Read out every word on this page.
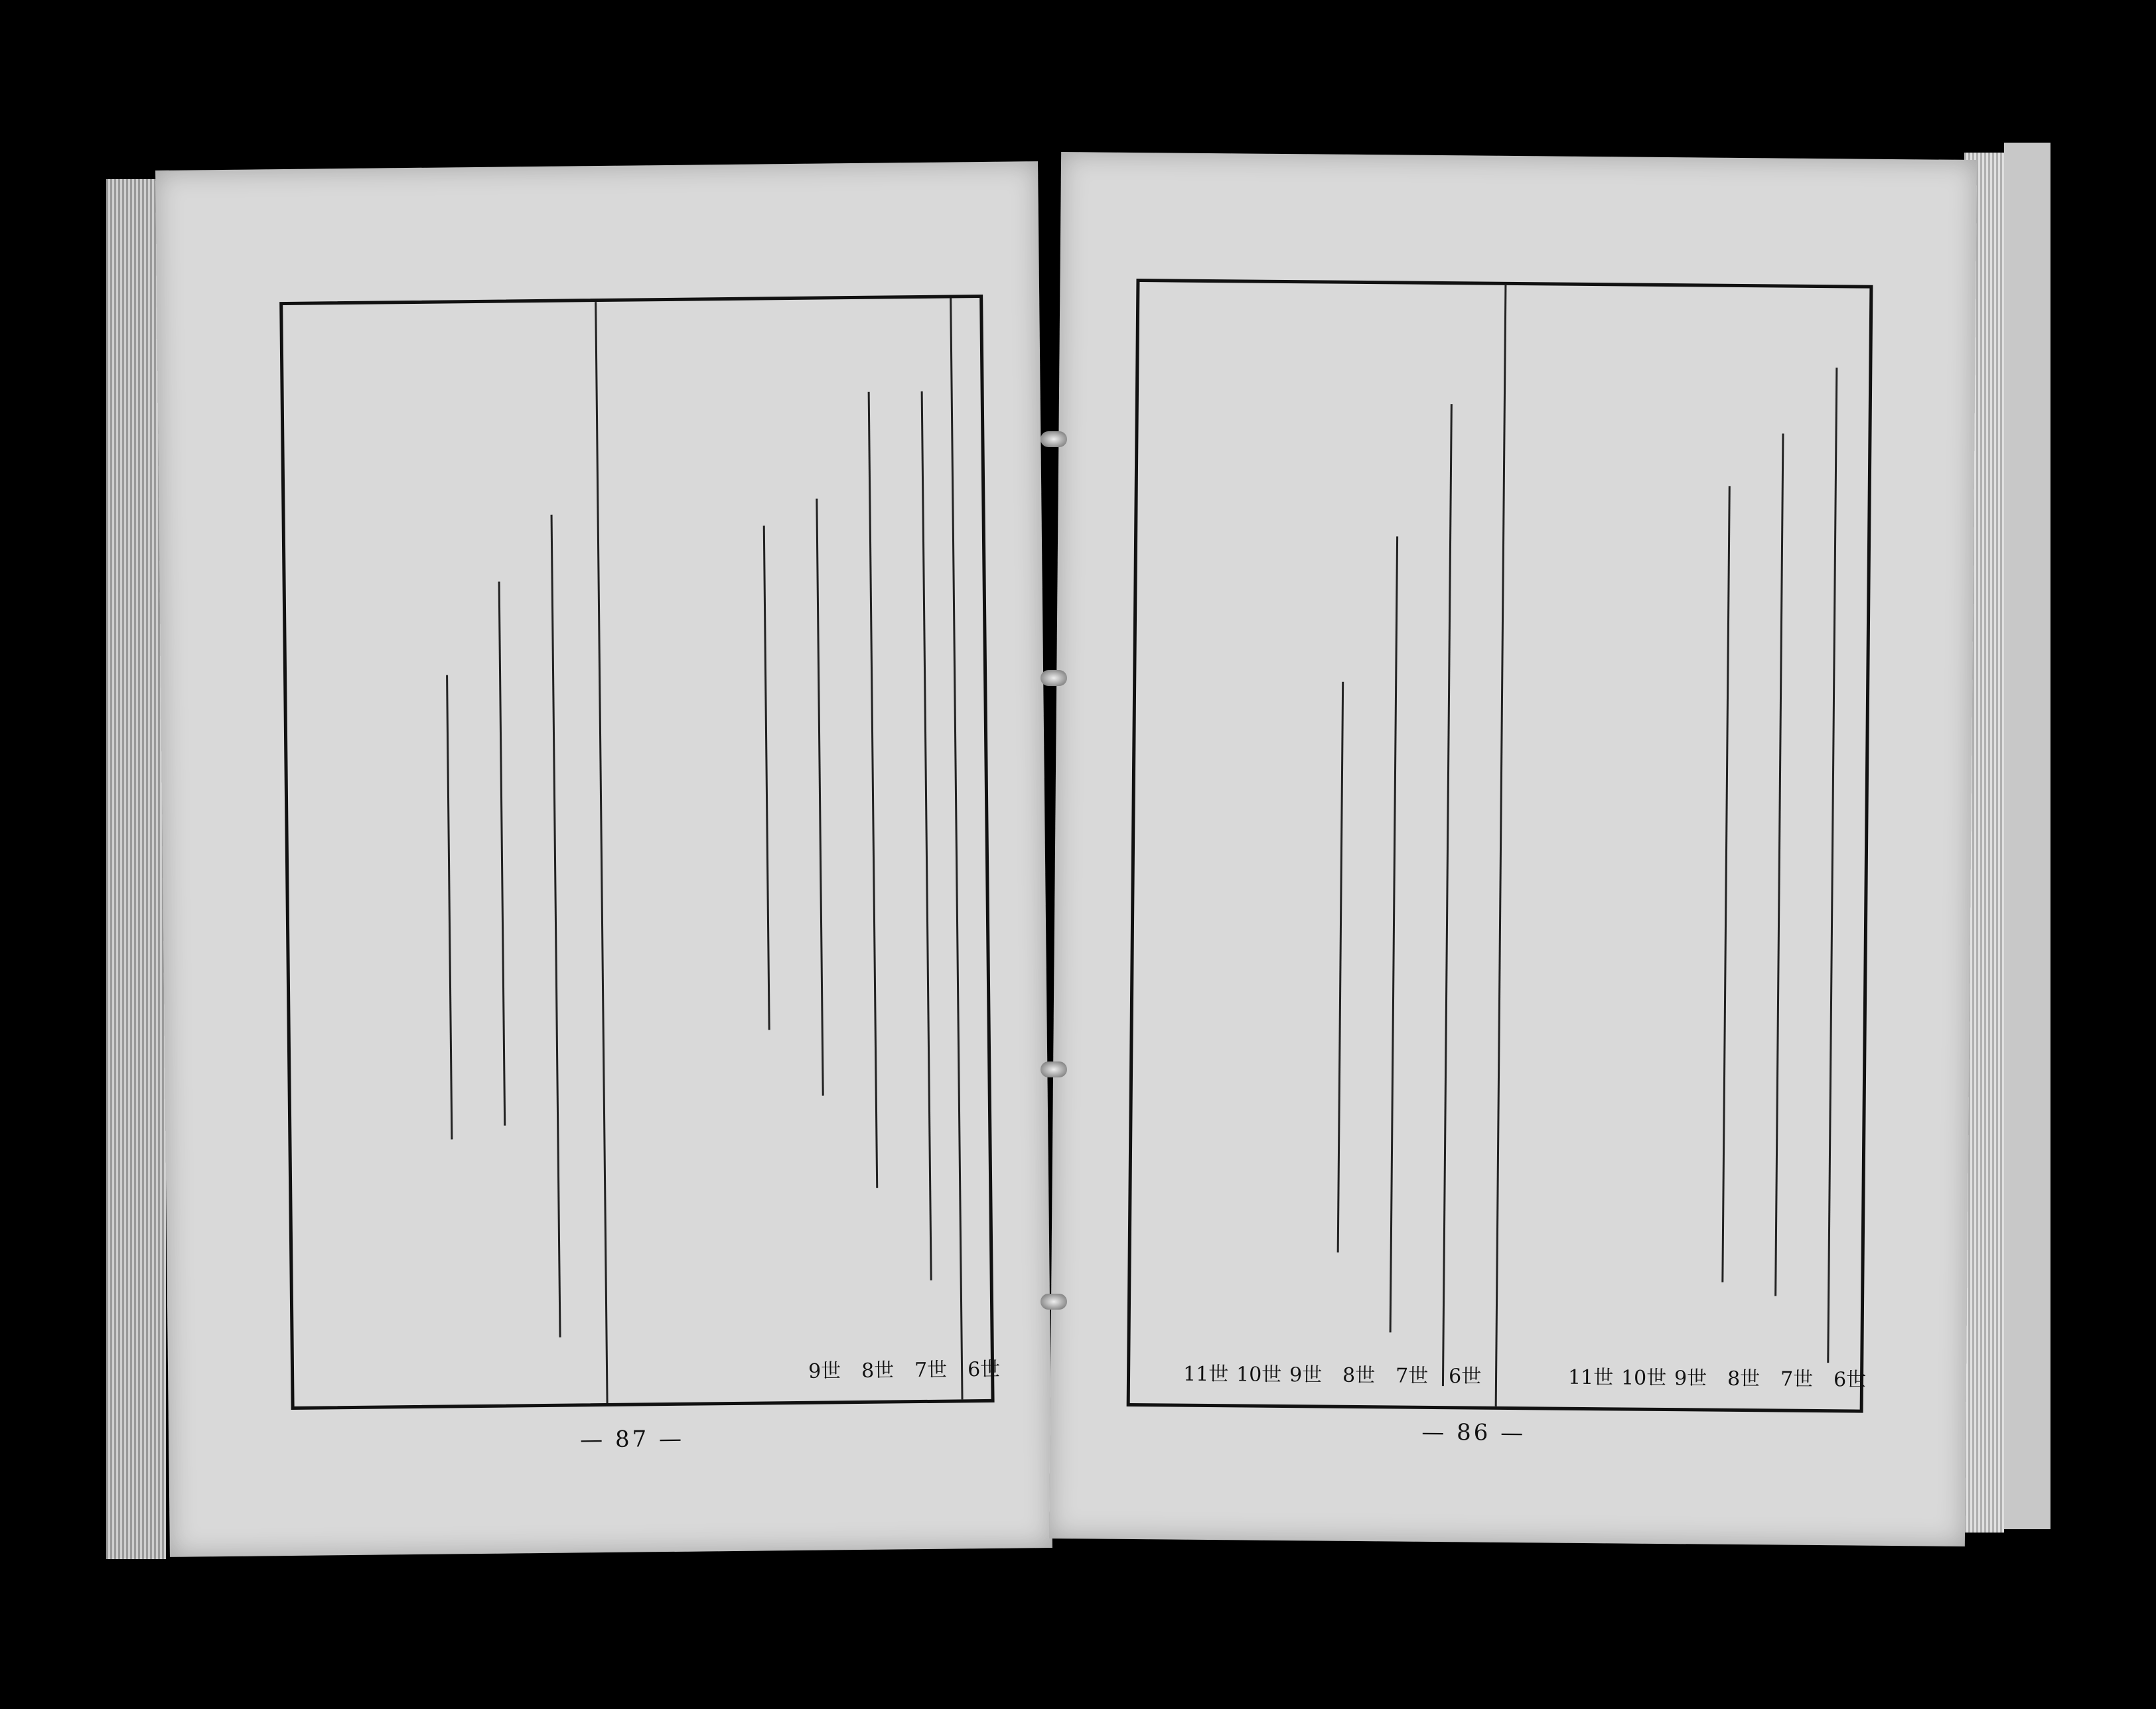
6世
7世
8世
9世
— 87 —
6世
7世
8世
9世
10世
11世
6世
7世
8世
9世
10世
11世
— 86 —
